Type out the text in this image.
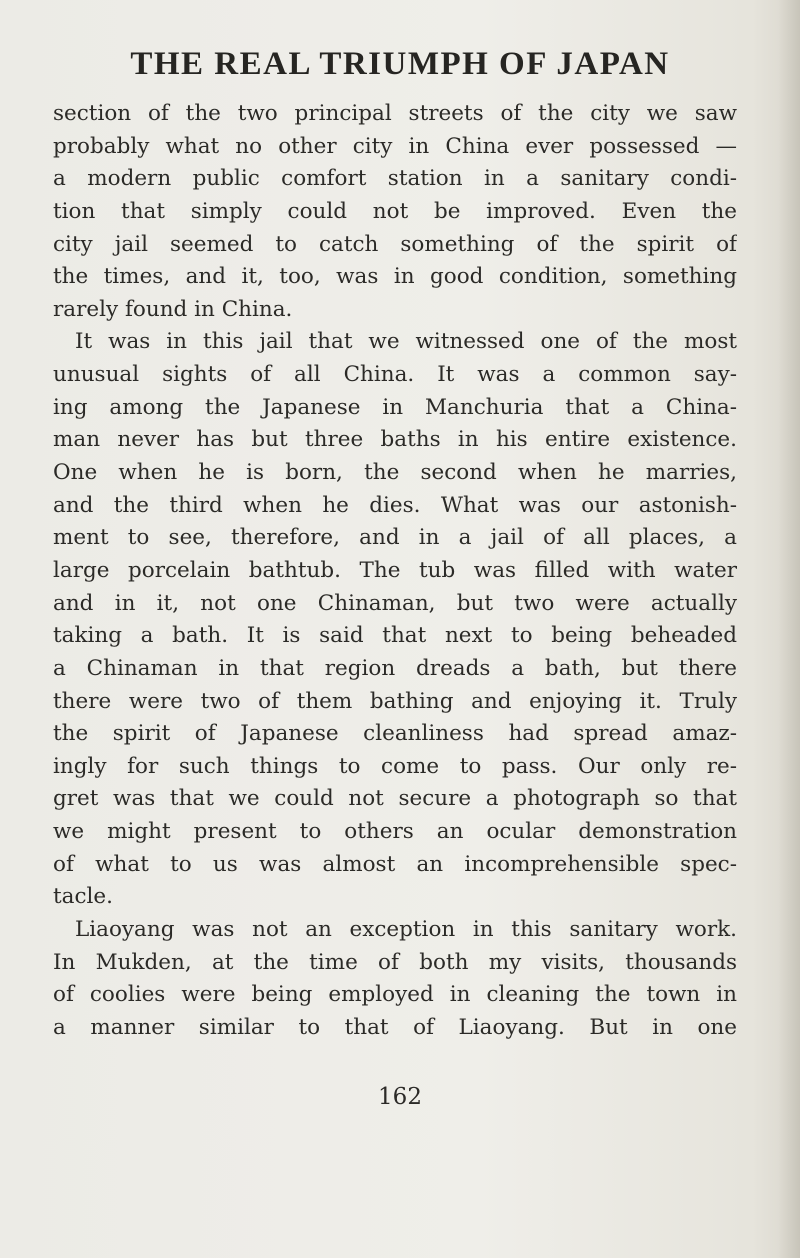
THE REAL TRIUMPH OF JAPAN
section of the two principal streets of the city we saw
probably what no other city in China ever possessed —
a modern public comfort station in a sanitary condi-
tion that simply could not be improved. Even the
city jail seemed to catch something of the spirit of
the times, and it, too, was in good condition, something
rarely found in China.
It was in this jail that we witnessed one of the most
unusual sights of all China. It was a common say-
ing among the Japanese in Manchuria that a China-
man never has but three baths in his entire existence.
One when he is born, the second when he marries,
and the third when he dies. What was our astonish-
ment to see, therefore, and in a jail of all places, a
large porcelain bathtub. The tub was filled with water
and in it, not one Chinaman, but two were actually
taking a bath. It is said that next to being beheaded
a Chinaman in that region dreads a bath, but there
there were two of them bathing and enjoying it. Truly
the spirit of Japanese cleanliness had spread amaz-
ingly for such things to come to pass. Our only re-
gret was that we could not secure a photograph so that
we might present to others an ocular demonstration
of what to us was almost an incomprehensible spec-
tacle.
Liaoyang was not an exception in this sanitary work.
In Mukden, at the time of both my visits, thousands
of coolies were being employed in cleaning the town in
a manner similar to that of Liaoyang. But in one
162
